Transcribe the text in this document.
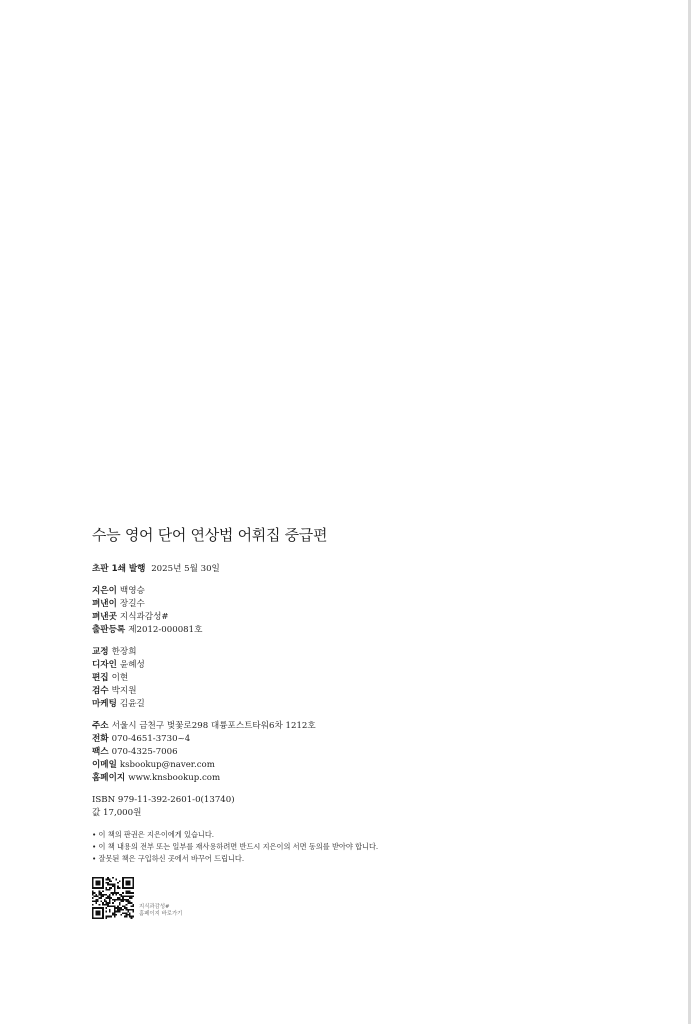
수능 영어 단어 연상법 어휘집 중급편
초판 1쇄 발행 2025년 5월 30일
지은이 백영승
펴낸이 장길수
펴낸곳 지식과감성#
출판등록 제2012-000081호
교정 한장희
디자인 윤혜성
편집 이현
검수 박지원
마케팅 김윤길
주소 서울시 금천구 벚꽃로298 대륭포스트타워6차 1212호
전화 070-4651-3730~4
팩스 070-4325-7006
이메일 ksbookup@naver.com
홈페이지 www.knsbookup.com
ISBN 979-11-392-2601-0(13740)
값 17,000원
• 이 책의 판권은 지은이에게 있습니다.
• 이 책 내용의 전부 또는 일부를 재사용하려면 반드시 지은이의 서면 동의를 받아야 합니다.
• 잘못된 책은 구입하신 곳에서 바꾸어 드립니다.
지식과감성#
홈페이지 바로가기
